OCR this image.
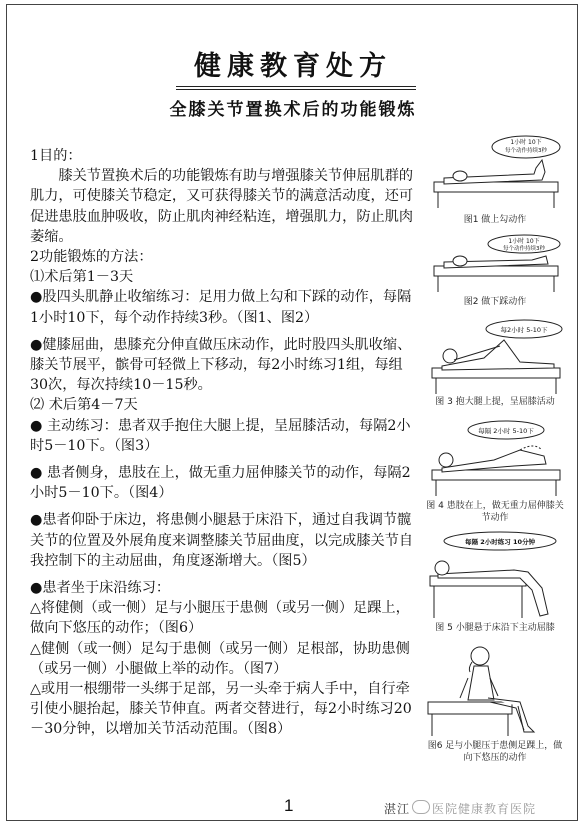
健康教育处方
全膝关节置换术后的功能锻炼

1目的：

膝关节置换术后的功能锻炼有助与增强膝关节伸屈肌群的肌力，可使膝关节稳定，又可获得膝关节的满意活动度，还可促进患肢血肿吸收，防止肌肉神经粘连，增强肌力，防止肌肉萎缩。

2功能锻炼的方法：

⑴术后第1－3天

●股四头肌静止收缩练习：足用力做上勾和下踩的动作，每隔1小时10下，每个动作持续3秒。（图1、图2）

●健膝屈曲，患膝充分伸直做压床动作，此时股四头肌收缩、膝关节展平，髌骨可轻微上下移动，每2小时练习1组，每组30次，每次持续10－15秒。

⑵ 术后第4－7天

● 主动练习：患者双手抱住大腿上提，呈屈膝活动，每隔2小时5－10下。（图3）

● 患者侧身，患肢在上，做无重力屈伸膝关节的动作，每隔2小时5－10下。（图4）

●患者仰卧于床边，将患侧小腿悬于床沿下，通过自我调节髋关节的位置及外展角度来调整膝关节屈曲度，以完成膝关节自我控制下的主动屈曲，角度逐渐增大。（图5）

●患者坐于床沿练习：

△将健侧（或一侧）足与小腿压于患侧（或另一侧）足踝上，做向下悠压的动作；（图6）

△健侧（或一侧）足勾于患侧（或另一侧）足根部，协助患侧（或另一侧）小腿做上举的动作。（图7）

△或用一根绷带一头绑于足部，另一头牵于病人手中，自行牵引使小腿抬起，膝关节伸直。两者交替进行，每2小时练习20－30分钟，以增加关节活动范围。（图8）

1小时 10下
每个动作持续3秒
图1 做上勾动作
1小时 10下
每个动作持续3秒
图2 做下踩动作
每2小时 5-10下
图 3 抱大腿上提，呈屈膝活动
每隔 2小时 5-10下
图 4 患肢在上，做无重力屈伸膝关节动作
每隔 2小时练习 10分钟
图 5 小腿悬于床沿下主动屈膝
图6 足与小腿压于患侧足踝上，做向下悠压的动作
1	湛江 医院健康教育医院
